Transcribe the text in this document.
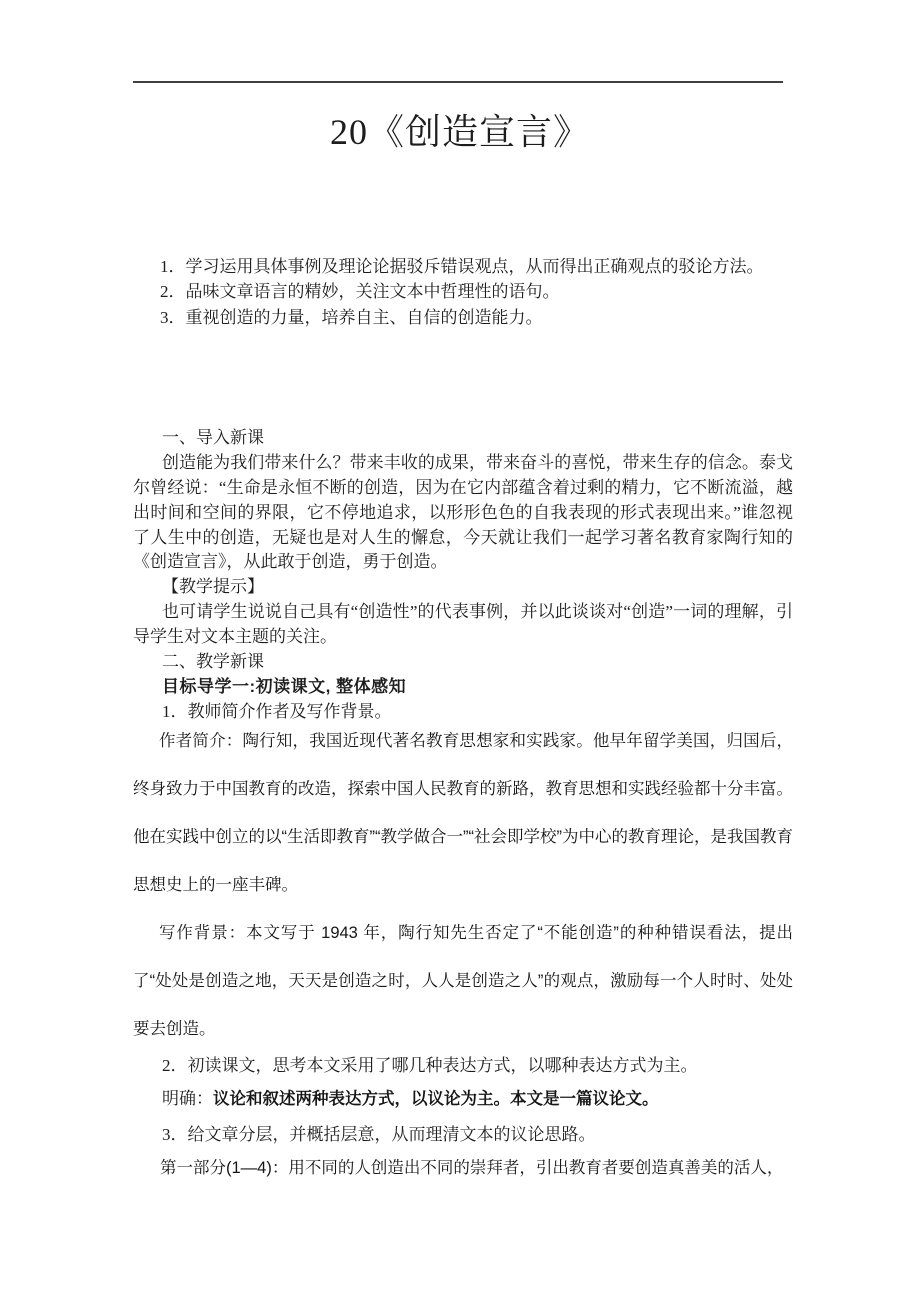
20《创造宣言》

1．学习运用具体事例及理论论据驳斥错误观点，从而得出正确观点的驳论方法。

2．品味文章语言的精妙，关注文本中哲理性的语句。

3．重视创造的力量，培养自主、自信的创造能力。

一、导入新课

创造能为我们带来什么？带来丰收的成果，带来奋斗的喜悦，带来生存的信念。泰戈尔曾经说：“生命是永恒不断的创造，因为在它内部蕴含着过剩的精力，它不断流溢，越出时间和空间的界限，它不停地追求，以形形色色的自我表现的形式表现出来。”谁忽视了人生中的创造，无疑也是对人生的懈怠，今天就让我们一起学习著名教育家陶行知的《创造宣言》，从此敢于创造，勇于创造。

【教学提示】

也可请学生说说自己具有“创造性”的代表事例，并以此谈谈对“创造”一词的理解，引导学生对文本主题的关注。

二、教学新课

目标导学一:初读课文, 整体感知

1．教师简介作者及写作背景。

作者简介：陶行知，我国近现代著名教育思想家和实践家。他早年留学美国，归国后，终身致力于中国教育的改造，探索中国人民教育的新路，教育思想和实践经验都十分丰富。他在实践中创立的以“生活即教育”“教学做合一”“社会即学校”为中心的教育理论，是我国教育思想史上的一座丰碑。

写作背景：本文写于 1943 年，陶行知先生否定了“不能创造”的种种错误看法，提出了“处处是创造之地，天天是创造之时，人人是创造之人”的观点，激励每一个人时时、处处要去创造。

2．初读课文，思考本文采用了哪几种表达方式，以哪种表达方式为主。

明确：议论和叙述两种表达方式，以议论为主。本文是一篇议论文。

3．给文章分层，并概括层意，从而理清文本的议论思路。

第一部分(1—4)：用不同的人创造出不同的崇拜者，引出教育者要创造真善美的活人，
